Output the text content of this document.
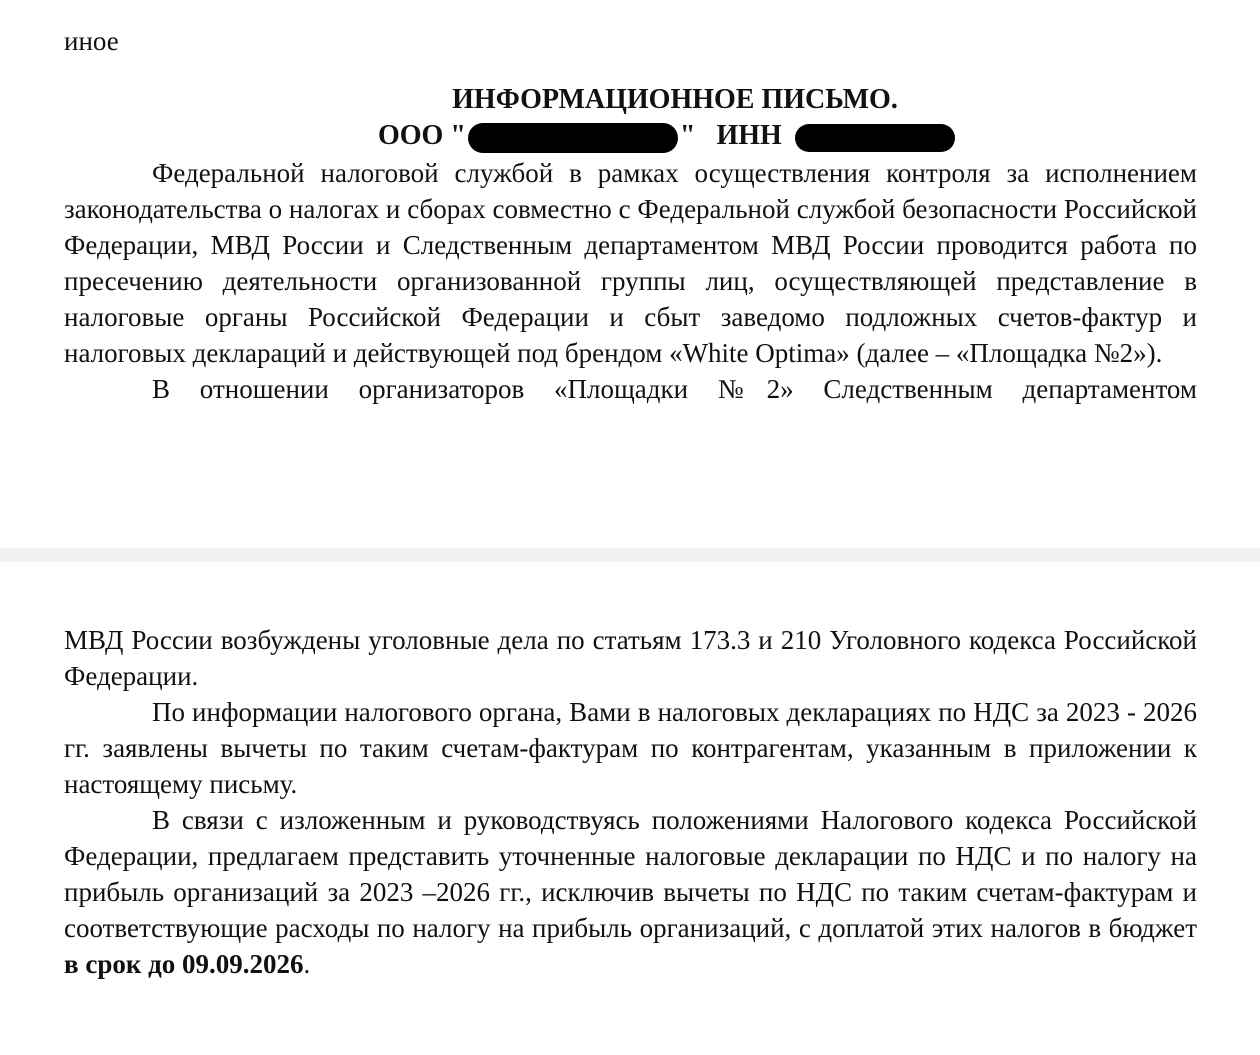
иное
ИНФОРМАЦИОННОЕ ПИСЬМО.
ООО "	" ИНН

Федеральной налоговой службой в рамках осуществления контроля за исполнением законодательства о налогах и сборах совместно с Федеральной службой безопасности Российской Федерации, МВД России и Следственным департаментом МВД России проводится работа по пресечению деятельности организованной группы лиц, осуществляющей представление в налоговые органы Российской Федерации и сбыт заведомо подложных счетов-фактур и налоговых деклараций и действующей под брендом «White Optima» (далее – «Площадка №2»).

В отношении организаторов «Площадки №2» Следственным департаментом

МВД России возбуждены уголовные дела по статьям 173.3 и 210 Уголовного кодекса Российской Федерации.

По информации налогового органа, Вами в налоговых декларациях по НДС за 2023 - 2026 гг. заявлены вычеты по таким счетам-фактурам по контрагентам, указанным в приложении к настоящему письму.

В связи с изложенным и руководствуясь положениями Налогового кодекса Российской Федерации, предлагаем представить уточненные налоговые декларации по НДС и по налогу на прибыль организаций за 2023 –2026 гг., исключив вычеты по НДС по таким счетам-фактурам и соответствующие расходы по налогу на прибыль организаций, с доплатой этих налогов в бюджет в срок до 09.09.2026.
